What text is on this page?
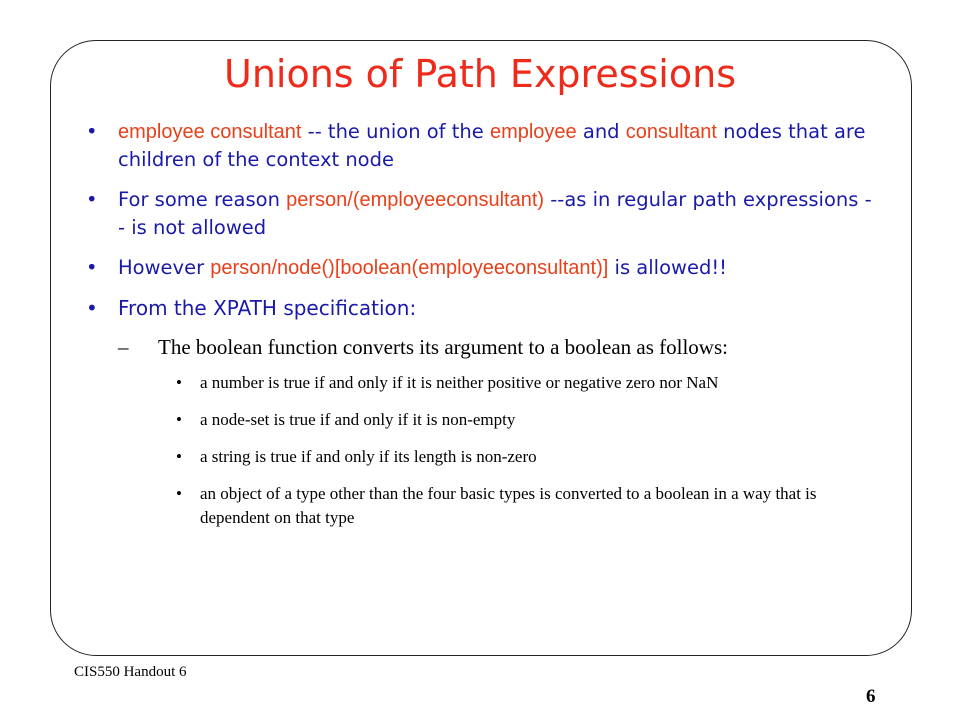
Unions of Path Expressions
• employee consultant -- the union of the employee and consultant nodes that are children of the context node
• For some reason person/(employeeconsultant) --as in regular path expressions -- is not allowed
• However person/node()[boolean(employeeconsultant)] is allowed!!
• From the XPATH specification:
– The boolean function converts its argument to a boolean as follows:
• a number is true if and only if it is neither positive or negative zero nor NaN
• a node-set is true if and only if it is non-empty
• a string is true if and only if its length is non-zero
• an object of a type other than the four basic types is converted to a boolean in a way that is dependent on that type
CIS550 Handout 6
6
